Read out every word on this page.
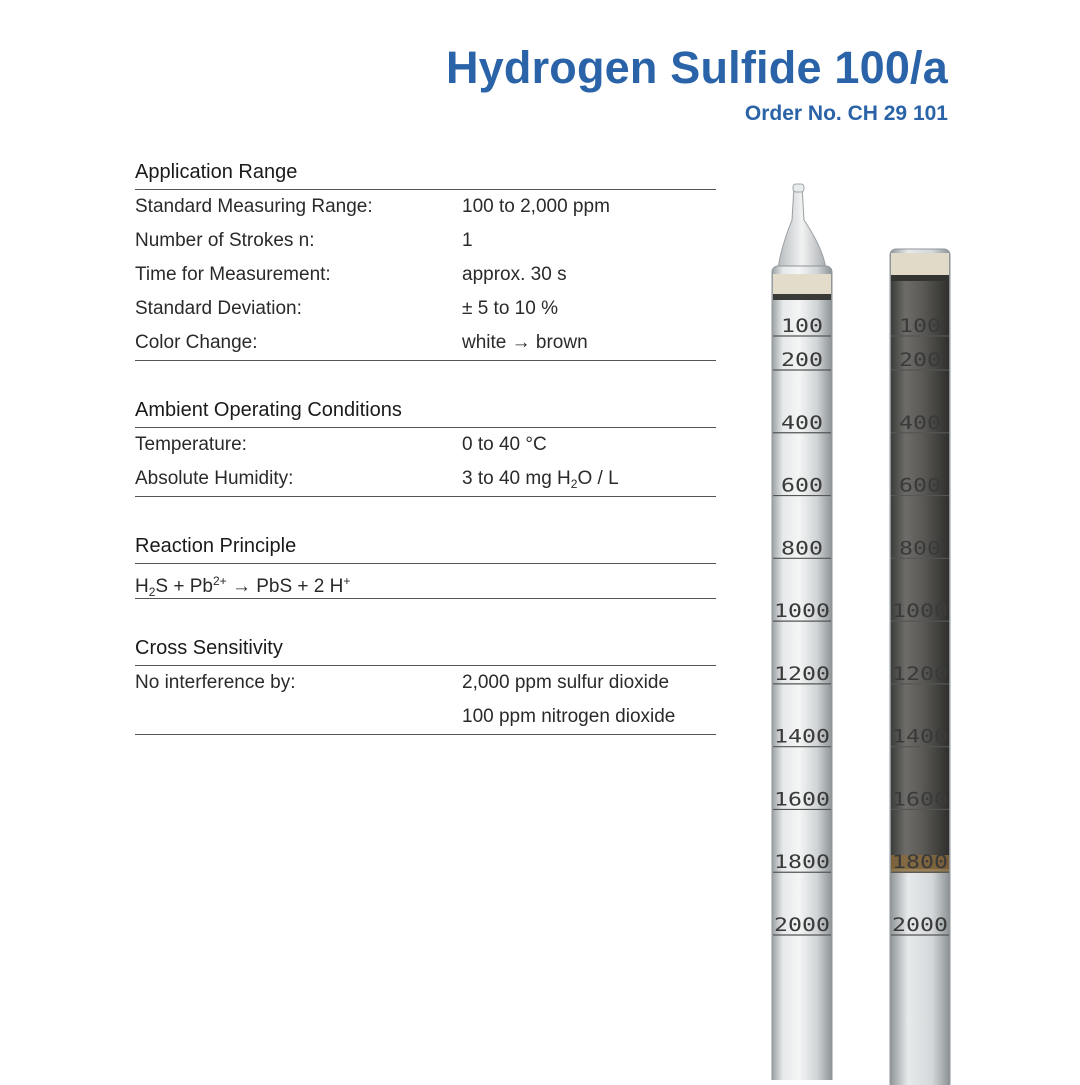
Hydrogen Sulfide 100/a
Order No. CH 29 101
Application Range
Standard Measuring Range:	100 to 2,000 ppm
Number of Strokes n:	1
Time for Measurement:	approx. 30 s
Standard Deviation:	± 5 to 10 %
Color Change:	white → brown
Ambient Operating Conditions
Temperature:	0 to 40 °C
Absolute Humidity:	3 to 40 mg $H_2O$ / L
Reaction Principle
$H_2S + Pb^{2+}$ → PbS + 2 H+
Cross Sensitivity
No interference by:	2,000 ppm sulfur dioxide
100 ppm nitrogen dioxide
100
200
400
600
800
1000
1200
1400
1600
1800
2000
100
200
400
600
800
1000
1200
1400
1600
1800
2000
